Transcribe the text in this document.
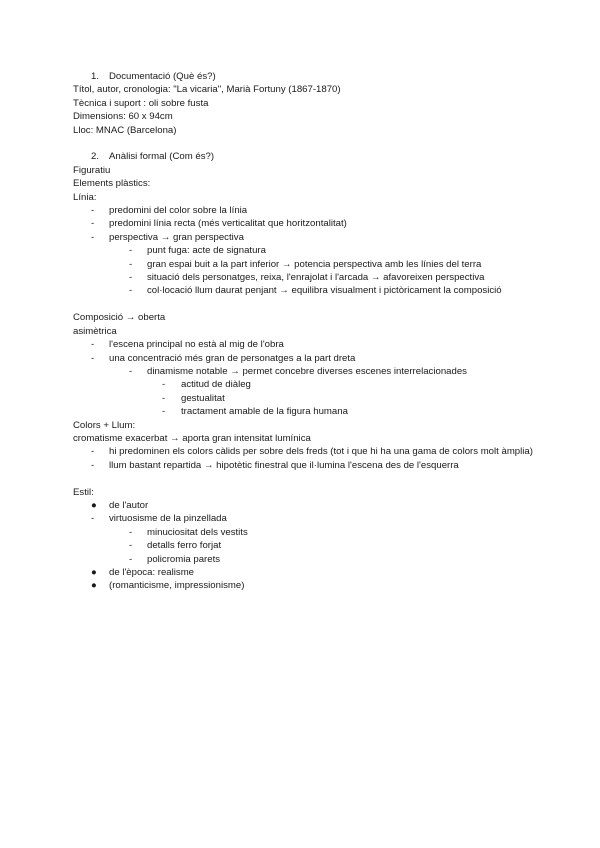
1. Documentació (Què és?)
Títol, autor, cronologia: "La vicaria", Marià Fortuny (1867-1870)
Tècnica i suport : oli sobre fusta
Dimensions: 60 x 94cm
Lloc: MNAC (Barcelona)
2. Anàlisi formal (Com és?)
Figuratiu
Elements plàstics:
Línia:
-	predomini del color sobre la línia
-	predomini línia recta (més verticalitat que horitzontalitat)
-	perspectiva → gran perspectiva
-	punt fuga: acte de signatura
-	gran espai buit a la part inferior → potencia perspectiva amb les línies del terra
-	situació dels personatges, reixa, l'enrajolat i l'arcada → afavoreixen perspectiva
-	col·locació llum daurat penjant → equilibra visualment i pictòricament la composició
Composició → oberta
asimètrica
-	l'escena principal no està al mig de l'obra
-	una concentració més gran de personatges a la part dreta
-	dinamisme notable → permet concebre diverses escenes interrelacionades
-	actitud de diàleg
-	gestualitat
-	tractament amable de la figura humana
Colors + Llum:
cromatisme exacerbat → aporta gran intensitat lumínica
-	hi predominen els colors càlids per sobre dels freds (tot i que hi ha una gama de colors molt àmplia)
-	llum bastant repartida → hipotètic finestral que il·lumina l'escena des de l'esquerra
Estil:
●	de l'autor
-	virtuosisme de la pinzellada
-	minuciositat dels vestits
-	detalls ferro forjat
-	policromia parets
●	de l'època: realisme
●	(romanticisme, impressionisme)
